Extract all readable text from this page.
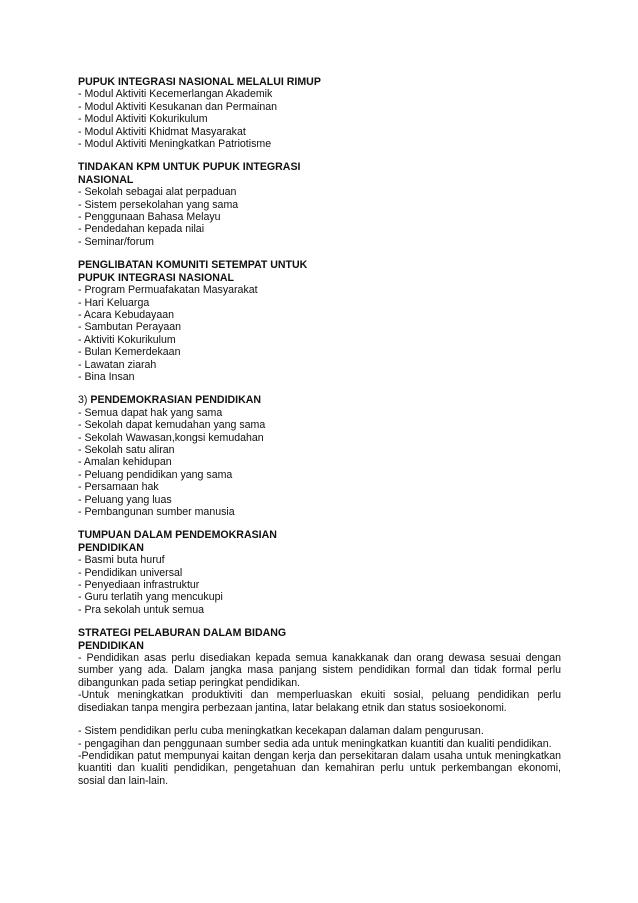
PUPUK INTEGRASI NASIONAL MELALUI RIMUP
- Modul Aktiviti Kecemerlangan Akademik
- Modul Aktiviti Kesukanan dan Permainan
- Modul Aktiviti Kokurikulum
- Modul Aktiviti Khidmat Masyarakat
- Modul Aktiviti Meningkatkan Patriotisme
TINDAKAN KPM UNTUK PUPUK INTEGRASI NASIONAL
- Sekolah sebagai alat perpaduan
- Sistem persekolahan yang sama
- Penggunaan Bahasa Melayu
- Pendedahan kepada nilai
- Seminar/forum
PENGLIBATAN KOMUNITI SETEMPAT UNTUK PUPUK INTEGRASI NASIONAL
- Program Permuafakatan Masyarakat
- Hari Keluarga
- Acara Kebudayaan
- Sambutan Perayaan
- Aktiviti Kokurikulum
- Bulan Kemerdekaan
- Lawatan ziarah
- Bina Insan
3) PENDEMOKRASIAN PENDIDIKAN
- Semua dapat hak yang sama
- Sekolah dapat kemudahan yang sama
- Sekolah Wawasan,kongsi kemudahan
- Sekolah satu aliran
- Amalan kehidupan
- Peluang pendidikan yang sama
- Persamaan hak
- Peluang yang luas
- Pembangunan sumber manusia
TUMPUAN DALAM PENDEMOKRASIAN PENDIDIKAN
- Basmi buta huruf
- Pendidikan universal
- Penyediaan infrastruktur
- Guru terlatih yang mencukupi
- Pra sekolah untuk semua
STRATEGI PELABURAN DALAM BIDANG PENDIDIKAN

- Pendidikan asas perlu disediakan kepada semua kanakkanak dan orang dewasa sesuai dengan sumber yang ada. Dalam jangka masa panjang sistem pendidikan formal dan tidak formal perlu dibangunkan pada setiap peringkat pendidikan.

-Untuk meningkatkan produktiviti dan memperluaskan ekuiti sosial, peluang pendidikan perlu disediakan tanpa mengira perbezaan jantina, latar belakang etnik dan status sosioekonomi.

- Sistem pendidikan perlu cuba meningkatkan kecekapan dalaman dalam pengurusan.

- pengagihan dan penggunaan sumber sedia ada untuk meningkatkan kuantiti dan kualiti pendidikan.

-Pendidikan patut mempunyai kaitan dengan kerja dan persekitaran dalam usaha untuk meningkatkan kuantiti dan kualiti pendidikan, pengetahuan dan kemahiran perlu untuk perkembangan ekonomi, sosial dan lain-lain.
